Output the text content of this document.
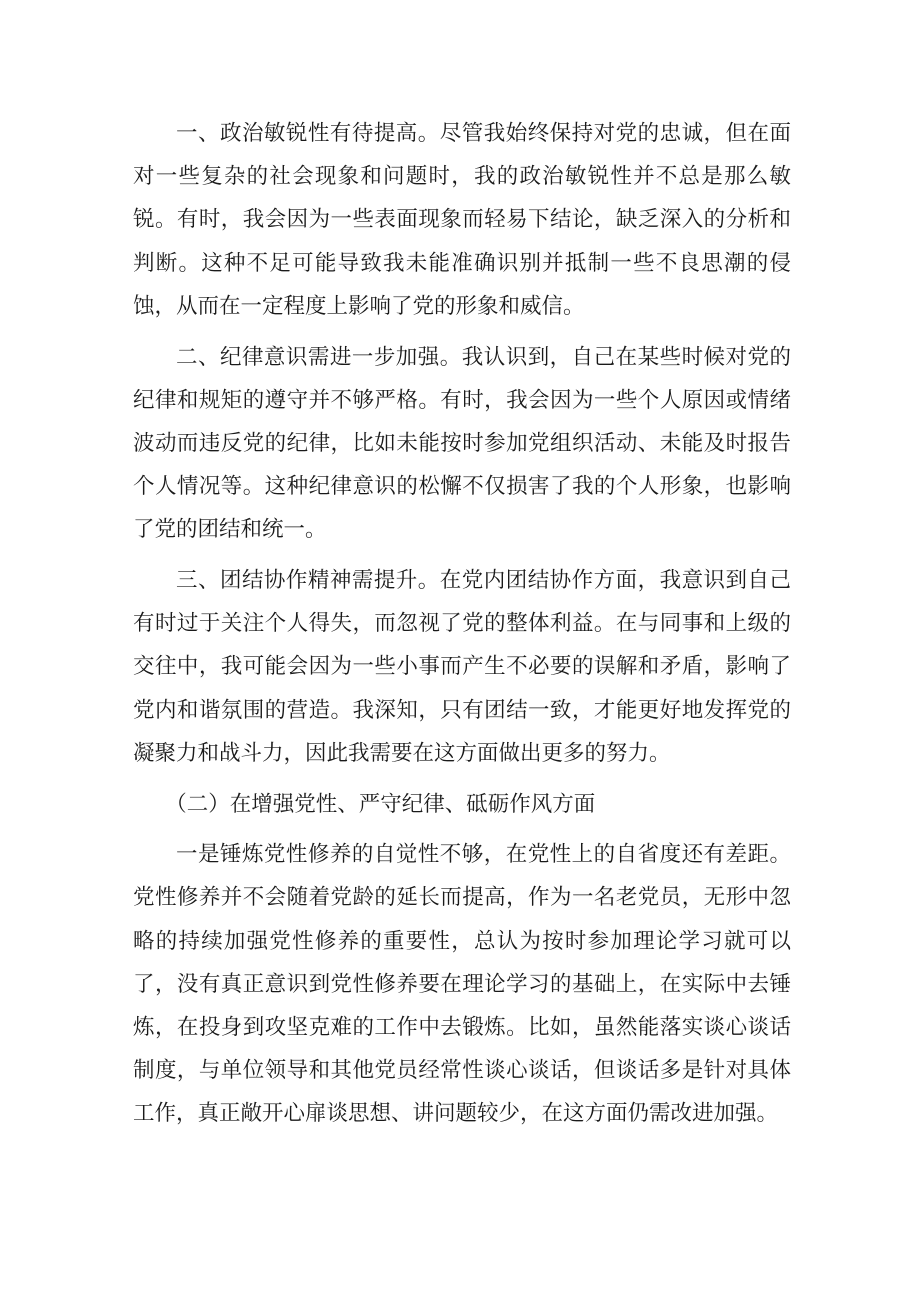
一、政治敏锐性有待提高。尽管我始终保持对党的忠诚，但在面对一些复杂的社会现象和问题时，我的政治敏锐性并不总是那么敏锐。有时，我会因为一些表面现象而轻易下结论，缺乏深入的分析和判断。这种不足可能导致我未能准确识别并抵制一些不良思潮的侵蚀，从而在一定程度上影响了党的形象和威信。

二、纪律意识需进一步加强。我认识到，自己在某些时候对党的纪律和规矩的遵守并不够严格。有时，我会因为一些个人原因或情绪波动而违反党的纪律，比如未能按时参加党组织活动、未能及时报告个人情况等。这种纪律意识的松懈不仅损害了我的个人形象，也影响了党的团结和统一。

三、团结协作精神需提升。在党内团结协作方面，我意识到自己有时过于关注个人得失，而忽视了党的整体利益。在与同事和上级的交往中，我可能会因为一些小事而产生不必要的误解和矛盾，影响了党内和谐氛围的营造。我深知，只有团结一致，才能更好地发挥党的凝聚力和战斗力，因此我需要在这方面做出更多的努力。

（二）在增强党性、严守纪律、砥砺作风方面

一是锤炼党性修养的自觉性不够，在党性上的自省度还有差距。党性修养并不会随着党龄的延长而提高，作为一名老党员，无形中忽略的持续加强党性修养的重要性，总认为按时参加理论学习就可以了，没有真正意识到党性修养要在理论学习的基础上，在实际中去锤炼，在投身到攻坚克难的工作中去锻炼。比如，虽然能落实谈心谈话制度，与单位领导和其他党员经常性谈心谈话，但谈话多是针对具体工作，真正敞开心扉谈思想、讲问题较少，在这方面仍需改进加强。
